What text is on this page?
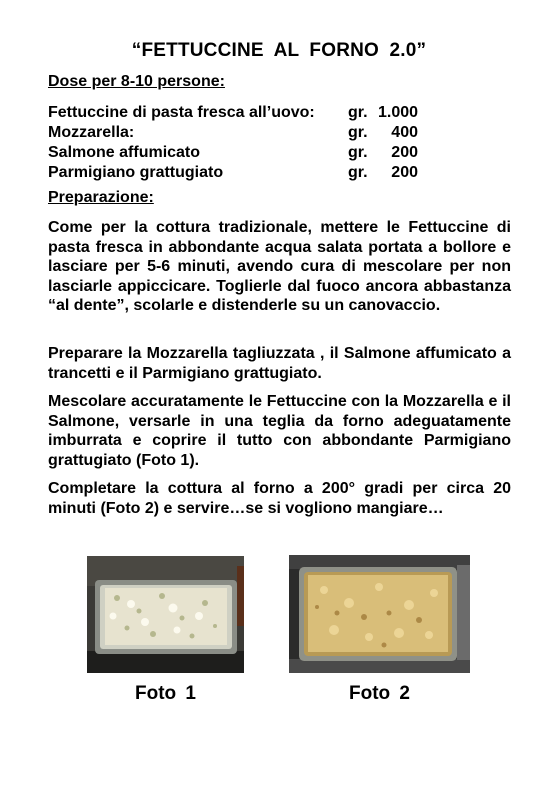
“FETTUCCINE AL FORNO 2.0”
Dose per 8-10 persone:
Fettuccine di pasta fresca all’uovo:	gr. 1.000
Mozzarella:	gr.	400
Salmone affumicato	gr.	200
Parmigiano grattugiato	gr.	200
Preparazione:
Come per la cottura tradizionale, mettere le Fettuccine di pasta fresca in abbondante acqua salata portata a bollore e lasciare per 5-6 minuti, avendo cura di mescolare per non lasciarle appiccicare. Toglierle dal fuoco ancora abbastanza “al dente”, scolarle e distenderle su un canovaccio.
Preparare la Mozzarella tagliuzzata , il Salmone affumicato a trancetti e il Parmigiano grattugiato.
Mescolare accuratamente le Fettuccine con la Mozzarella e il Salmone, versarle in una teglia da forno adeguatamente imburrata e coprire il tutto con abbondante Parmigiano grattugiato (Foto 1).
Completare la cottura al forno a 200° gradi per circa 20 minuti (Foto 2) e servire…se si vogliono mangiare…
Foto 1	Foto 2
